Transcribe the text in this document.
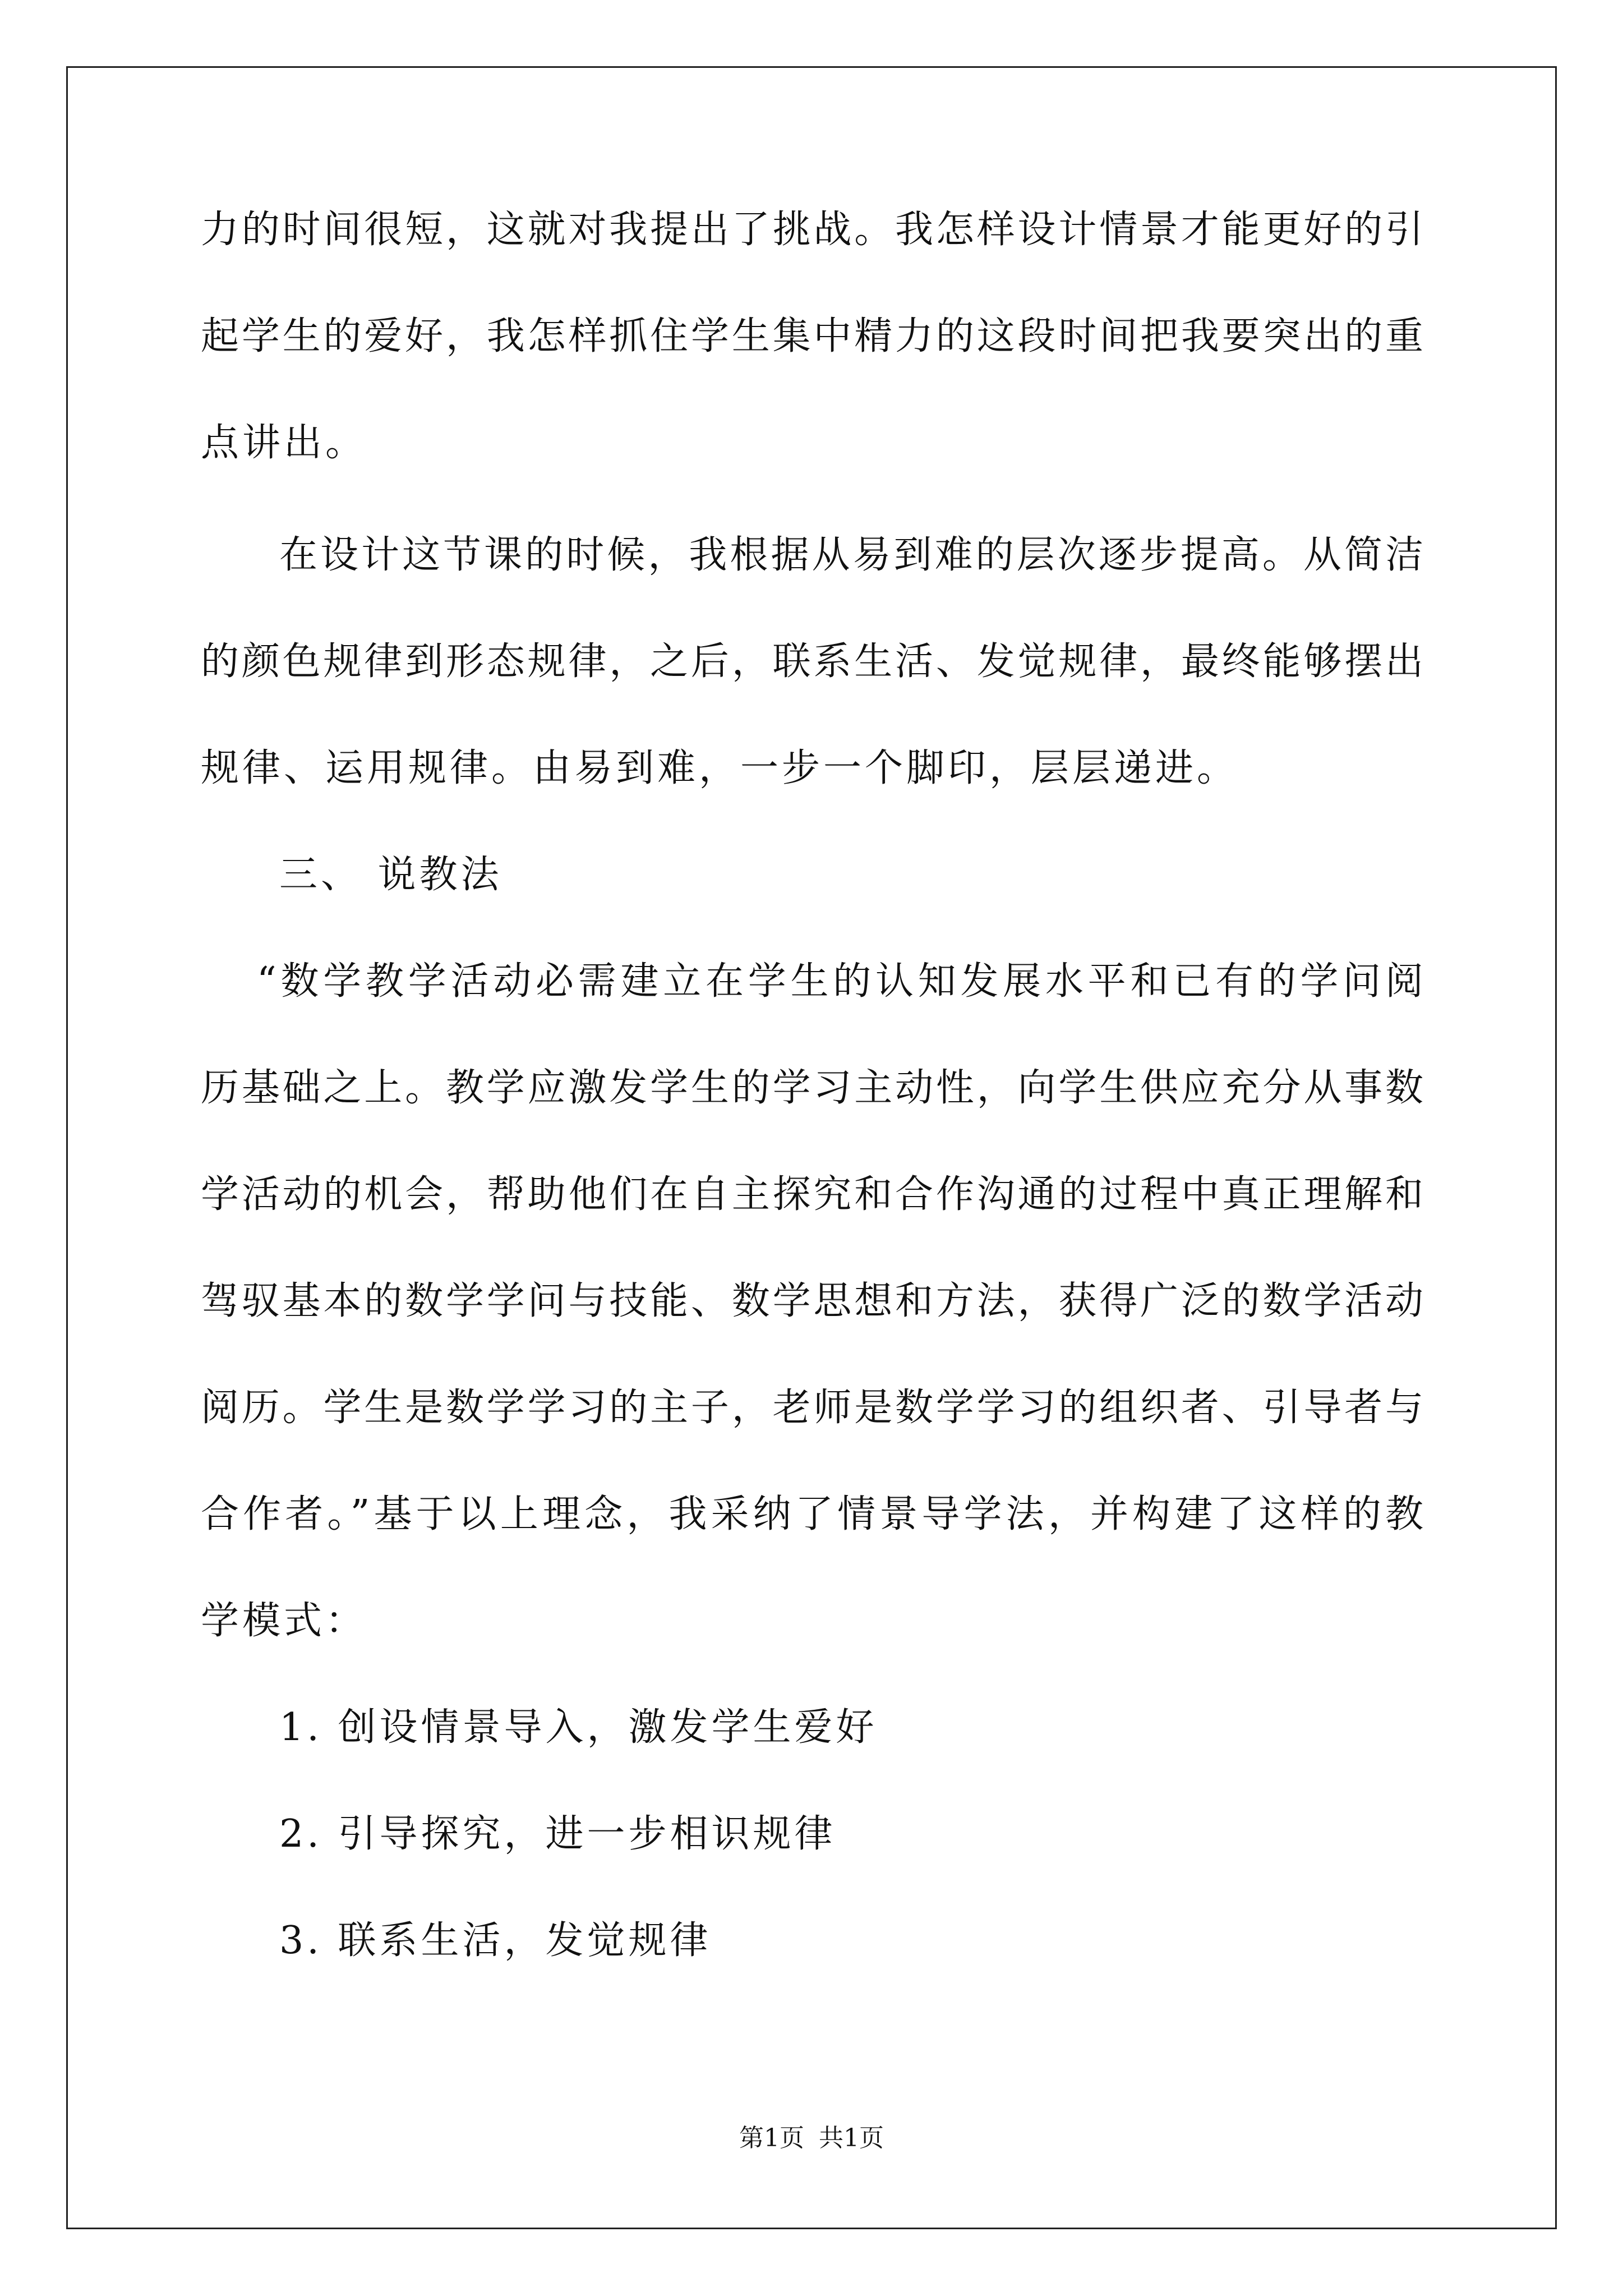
力的时间很短，这就对我提出了挑战。我怎样设计情景才能更好的引
起学生的爱好，我怎样抓住学生集中精力的这段时间把我要突出的重
点讲出。
在设计这节课的时候，我根据从易到难的层次逐步提高。从简洁
的颜色规律到形态规律，之后，联系生活、发觉规律，最终能够摆出
规律、运用规律。由易到难，一步一个脚印，层层递进。
三、 说教法
“数学教学活动必需建立在学生的认知发展水平和已有的学问阅
历基础之上。教学应激发学生的学习主动性，向学生供应充分从事数
学活动的机会，帮助他们在自主探究和合作沟通的过程中真正理解和
驾驭基本的数学学问与技能、数学思想和方法，获得广泛的数学活动
阅历。学生是数学学习的主子，老师是数学学习的组织者、引导者与
合作者。”基于以上理念，我采纳了情景导学法，并构建了这样的教
学模式：
1. 创设情景导入，激发学生爱好
2. 引导探究，进一步相识规律
3. 联系生活，发觉规律
第1页 共1页
